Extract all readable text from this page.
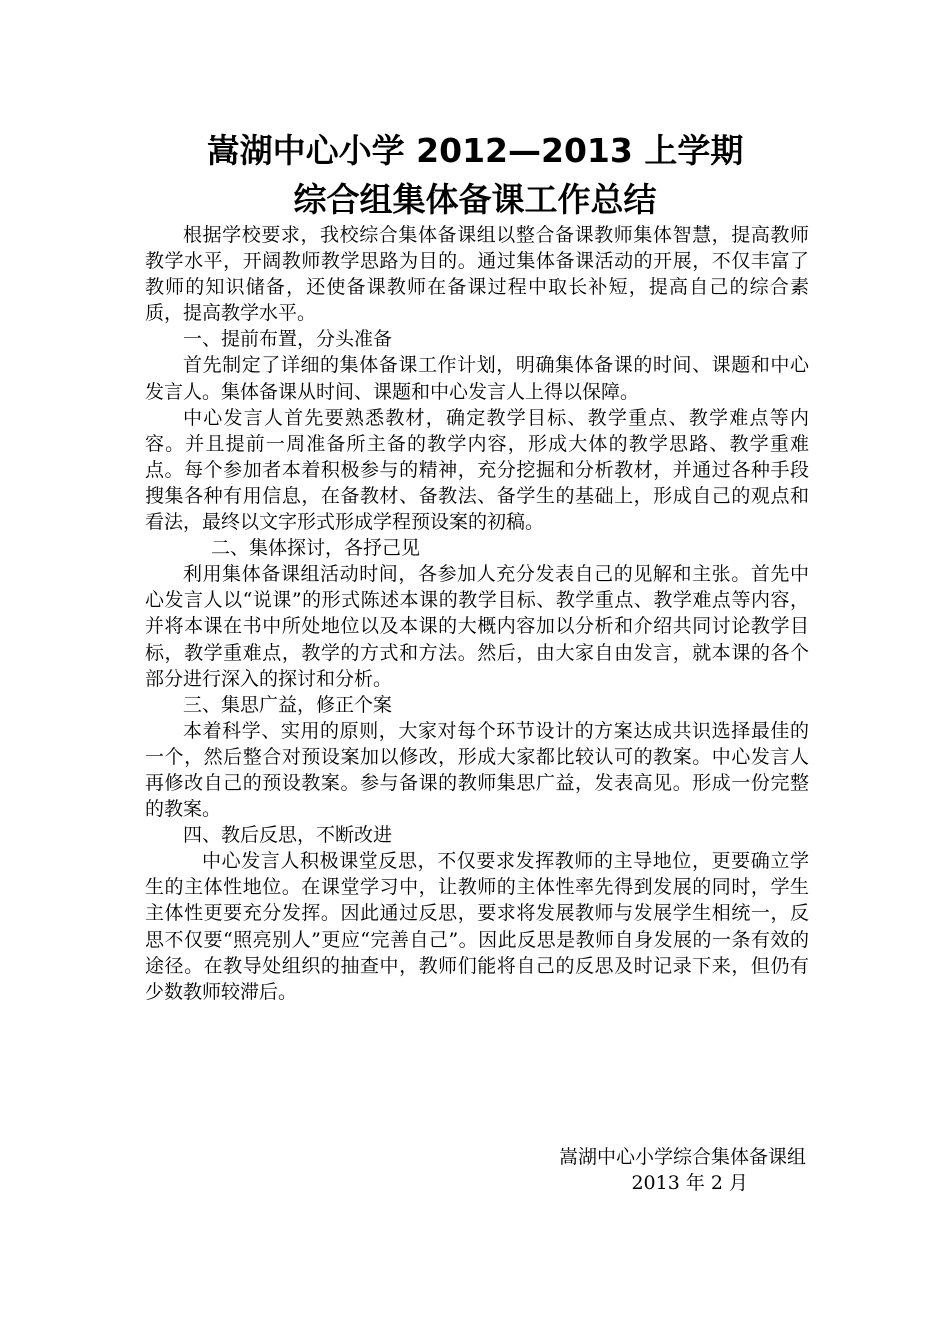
嵩湖中心小学 2012—2013 上学期
综合组集体备课工作总结

根据学校要求，我校综合集体备课组以整合备课教师集体智慧，提高教师教学水平，开阔教师教学思路为目的。通过集体备课活动的开展，不仅丰富了教师的知识储备，还使备课教师在备课过程中取长补短，提高自己的综合素质，提高教学水平。

一、提前布置，分头准备

首先制定了详细的集体备课工作计划，明确集体备课的时间、课题和中心发言人。集体备课从时间、课题和中心发言人上得以保障。

中心发言人首先要熟悉教材，确定教学目标、教学重点、教学难点等内容。并且提前一周准备所主备的教学内容，形成大体的教学思路、教学重难点。每个参加者本着积极参与的精神，充分挖掘和分析教材，并通过各种手段搜集各种有用信息，在备教材、备教法、备学生的基础上，形成自己的观点和看法，最终以文字形式形成学程预设案的初稿。

二、集体探讨，各抒己见

利用集体备课组活动时间，各参加人充分发表自己的见解和主张。首先中心发言人以“说课”的形式陈述本课的教学目标、教学重点、教学难点等内容，并将本课在书中所处地位以及本课的大概内容加以分析和介绍共同讨论教学目标，教学重难点，教学的方式和方法。然后，由大家自由发言，就本课的各个部分进行深入的探讨和分析。

三、集思广益，修正个案

本着科学、实用的原则，大家对每个环节设计的方案达成共识选择最佳的一个，然后整合对预设案加以修改，形成大家都比较认可的教案。中心发言人再修改自己的预设教案。参与备课的教师集思广益，发表高见。形成一份完整的教案。

四、教后反思，不断改进

中心发言人积极课堂反思，不仅要求发挥教师的主导地位，更要确立学生的主体性地位。在课堂学习中，让教师的主体性率先得到发展的同时，学生主体性更要充分发挥。因此通过反思，要求将发展教师与发展学生相统一，反思不仅要“照亮别人”更应“完善自己”。因此反思是教师自身发展的一条有效的途径。在教导处组织的抽查中，教师们能将自己的反思及时记录下来，但仍有少数教师较滞后。

嵩湖中心小学综合集体备课组
2013 年 2 月
